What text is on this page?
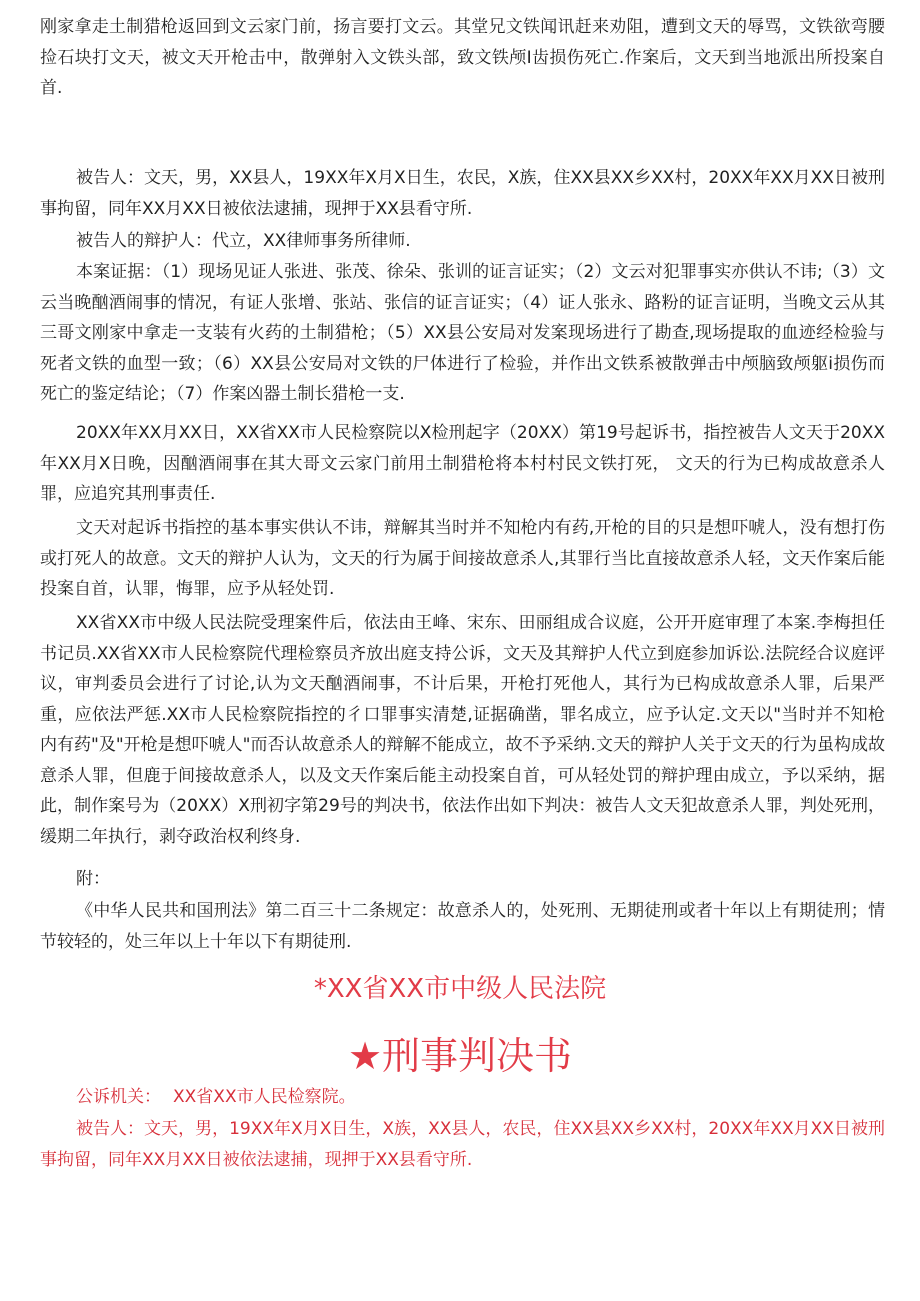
刚家拿走土制猎枪返回到文云家门前，扬言要打文云。其堂兄文铁闻讯赶来劝阻，遭到文天的辱骂，文铁欲弯腰捡石块打文天，被文天开枪击中，散弹射入文铁头部，致文铁颅I齿损伤死亡.作案后，文天到当地派出所投案自首.

被告人：文天，男，XX县人，19XX年X月X日生，农民，X族，住XX县XX乡XX村，20XX年XX月XX日被刑事拘留，同年XX月XX日被依法逮捕，现押于XX县看守所.

被告人的辩护人：代立，XX律师事务所律师.

本案证据：（1）现场见证人张进、张茂、徐朵、张训的证言证实；（2）文云对犯罪事实亦供认不讳;（3）文云当晚酗酒闹事的情况，有证人张增、张站、张信的证言证实；（4）证人张永、路粉的证言证明，当晚文云从其三哥文刚家中拿走一支装有火药的土制猎枪；（5）XX县公安局对发案现场进行了勘查,现场提取的血迹经检验与死者文铁的血型一致；（6）XX县公安局对文铁的尸体进行了检验，并作出文铁系被散弹击中颅脑致颅躯i损伤而死亡的鉴定结论；（7）作案凶器土制长猎枪一支.

20XX年XX月XX日，XX省XX市人民检察院以X检刑起字（20XX）第19号起诉书，指控被告人文天于20XX年XX月X日晚，因酗酒闹事在其大哥文云家门前用土制猎枪将本村村民文铁打死， 文天的行为已构成故意杀人罪，应追究其刑事责任.

文天对起诉书指控的基本事实供认不讳，辩解其当时并不知枪内有药,开枪的目的只是想吓唬人，没有想打伤或打死人的故意。文天的辩护人认为，文天的行为属于间接故意杀人,其罪行当比直接故意杀人轻，文天作案后能投案自首，认罪，悔罪，应予从轻处罚.

XX省XX市中级人民法院受理案件后，依法由王峰、宋东、田丽组成合议庭，公开开庭审理了本案.李梅担任书记员.XX省XX市人民检察院代理检察员齐放出庭支持公诉，文天及其辩护人代立到庭参加诉讼.法院经合议庭评议，审判委员会进行了讨论,认为文天酗酒闹事，不计后果，开枪打死他人，其行为已构成故意杀人罪，后果严重，应依法严惩.XX市人民检察院指控的彳口罪事实清楚,证据确凿，罪名成立，应予认定.文天以"当时并不知枪内有药"及"开枪是想吓唬人"而否认故意杀人的辩解不能成立，故不予采纳.文天的辩护人关于文天的行为虽构成故意杀人罪，但鹿于间接故意杀人，以及文天作案后能主动投案自首，可从轻处罚的辩护理由成立，予以采纳，据此，制作案号为（20XX）X刑初字第29号的判决书，依法作出如下判决：被告人文天犯故意杀人罪，判处死刑，缓期二年执行，剥夺政治权利终身.

附：

《中华人民共和国刑法》第二百三十二条规定：故意杀人的，处死刑、无期徒刑或者十年以上有期徒刑；情节较轻的，处三年以上十年以下有期徒刑.

*XX省XX市中级人民法院
★刑事判决书

公诉机关： XX省XX市人民检察院。

被告人：文天，男，19XX年X月X日生，X族，XX县人，农民，住XX县XX乡XX村，20XX年XX月XX日被刑事拘留，同年XX月XX日被依法逮捕，现押于XX县看守所.
